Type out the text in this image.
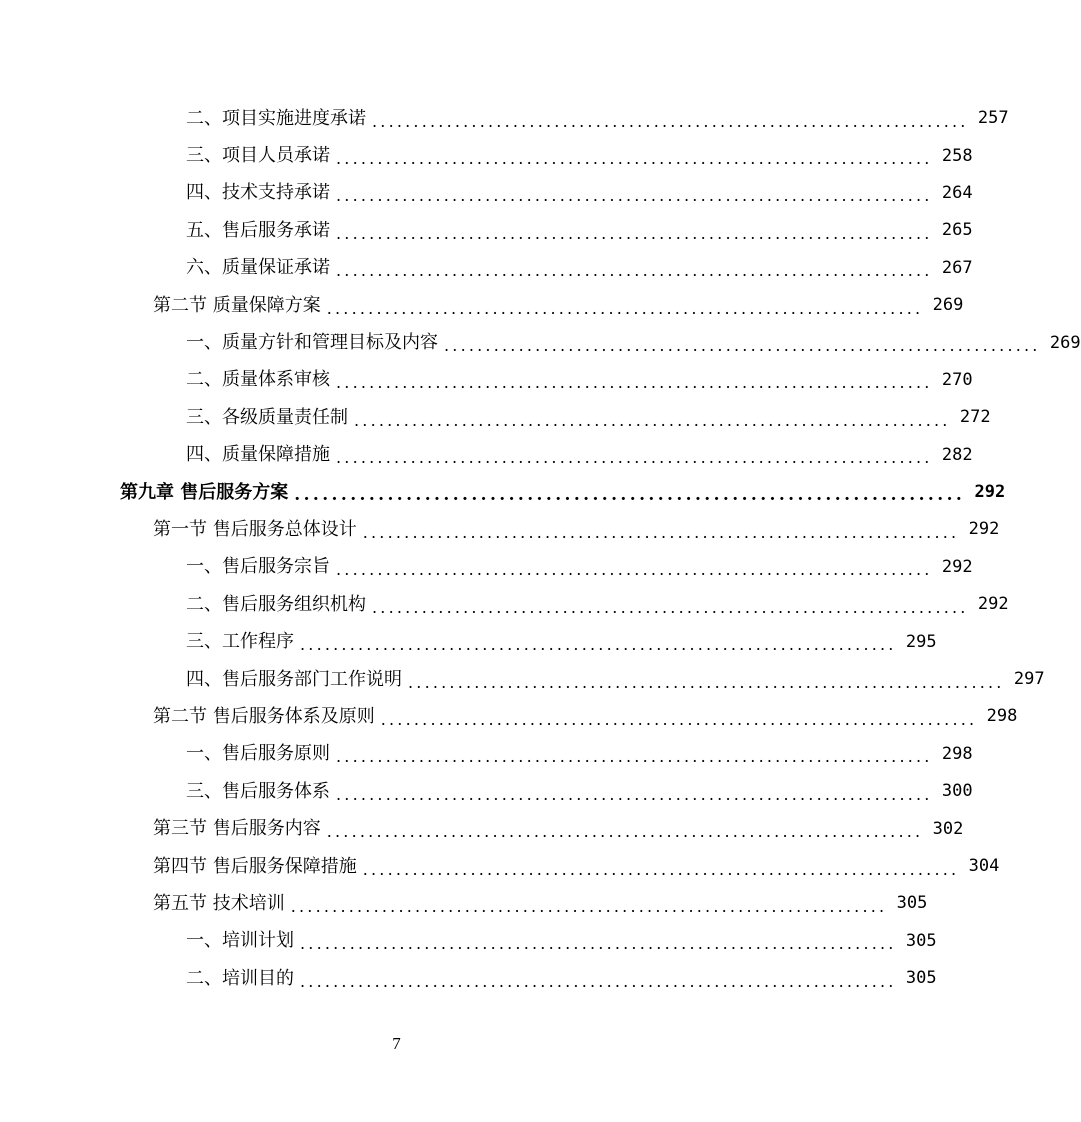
二、项目实施进度承诺 ........................................................................ 257
三、项目人员承诺 ........................................................................ 258
四、技术支持承诺 ........................................................................ 264
五、售后服务承诺 ........................................................................ 265
六、质量保证承诺 ........................................................................ 267
第二节 质量保障方案 ........................................................................ 269
一、质量方针和管理目标及内容 ........................................................................ 269
二、质量体系审核 ........................................................................ 270
三、各级质量责任制 ........................................................................ 272
四、质量保障措施 ........................................................................ 282
第九章 售后服务方案 ........................................................................ 292
第一节 售后服务总体设计 ........................................................................ 292
一、售后服务宗旨 ........................................................................ 292
二、售后服务组织机构 ........................................................................ 292
三、工作程序 ........................................................................ 295
四、售后服务部门工作说明 ........................................................................ 297
第二节 售后服务体系及原则 ........................................................................ 298
一、售后服务原则 ........................................................................ 298
三、售后服务体系 ........................................................................ 300
第三节 售后服务内容 ........................................................................ 302
第四节 售后服务保障措施 ........................................................................ 304
第五节 技术培训 ........................................................................ 305
一、培训计划 ........................................................................ 305
二、培训目的 ........................................................................ 305
7
